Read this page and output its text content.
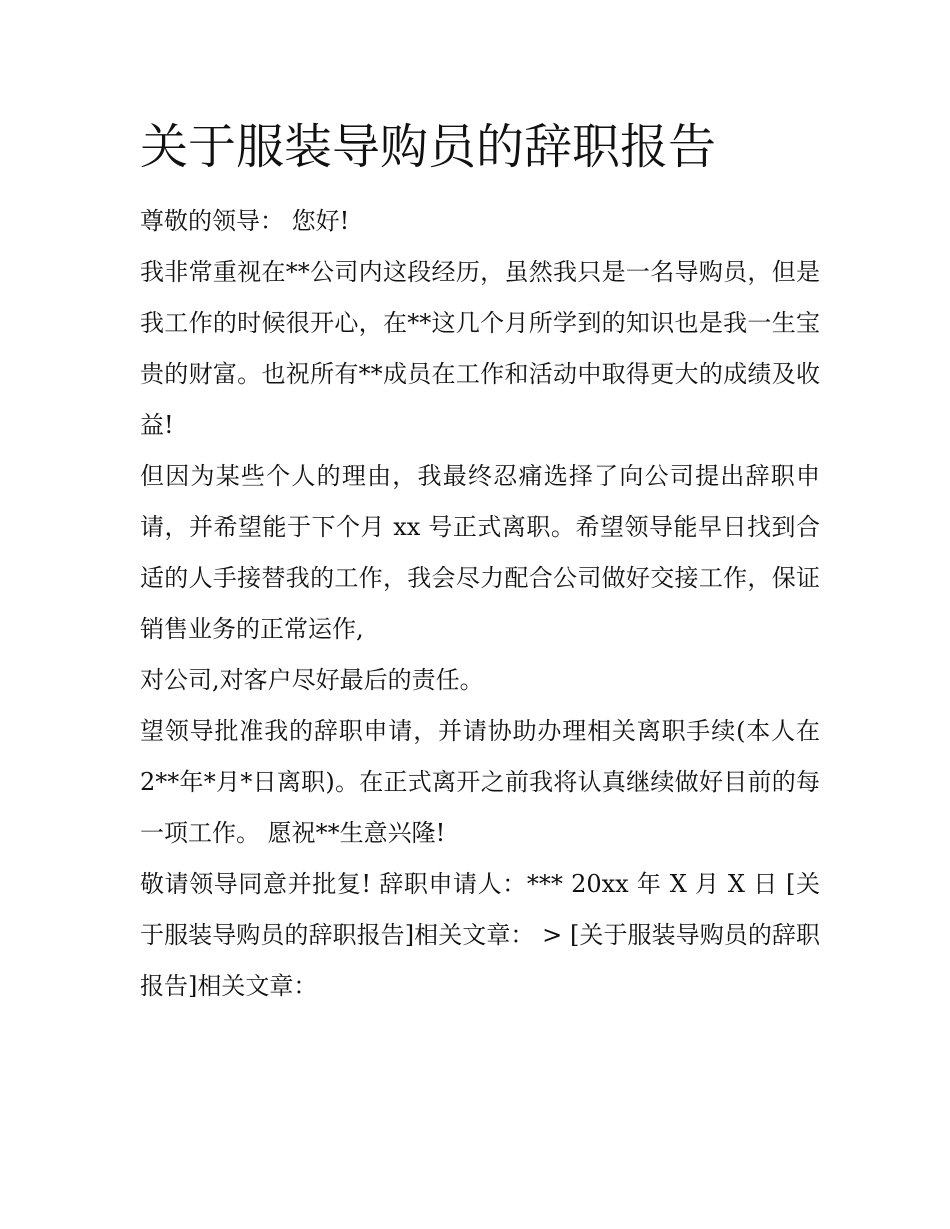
关于服装导购员的辞职报告

尊敬的领导： 您好!

我非常重视在**公司内这段经历，虽然我只是一名导购员，但是我工作的时候很开心，在**这几个月所学到的知识也是我一生宝贵的财富。也祝所有**成员在工作和活动中取得更大的成绩及收益!

但因为某些个人的理由，我最终忍痛选择了向公司提出辞职申请，并希望能于下个月 xx 号正式离职。希望领导能早日找到合适的人手接替我的工作，我会尽力配合公司做好交接工作，保证销售业务的正常运作,

对公司,对客户尽好最后的责任。

望领导批准我的辞职申请，并请协助办理相关离职手续(本人在 2**年*月*日离职)。在正式离开之前我将认真继续做好目前的每一项工作。 愿祝**生意兴隆!

敬请领导同意并批复! 辞职申请人：*** 20xx 年 X 月 X 日 [关于服装导购员的辞职报告]相关文章： > [关于服装导购员的辞职报告]相关文章：
